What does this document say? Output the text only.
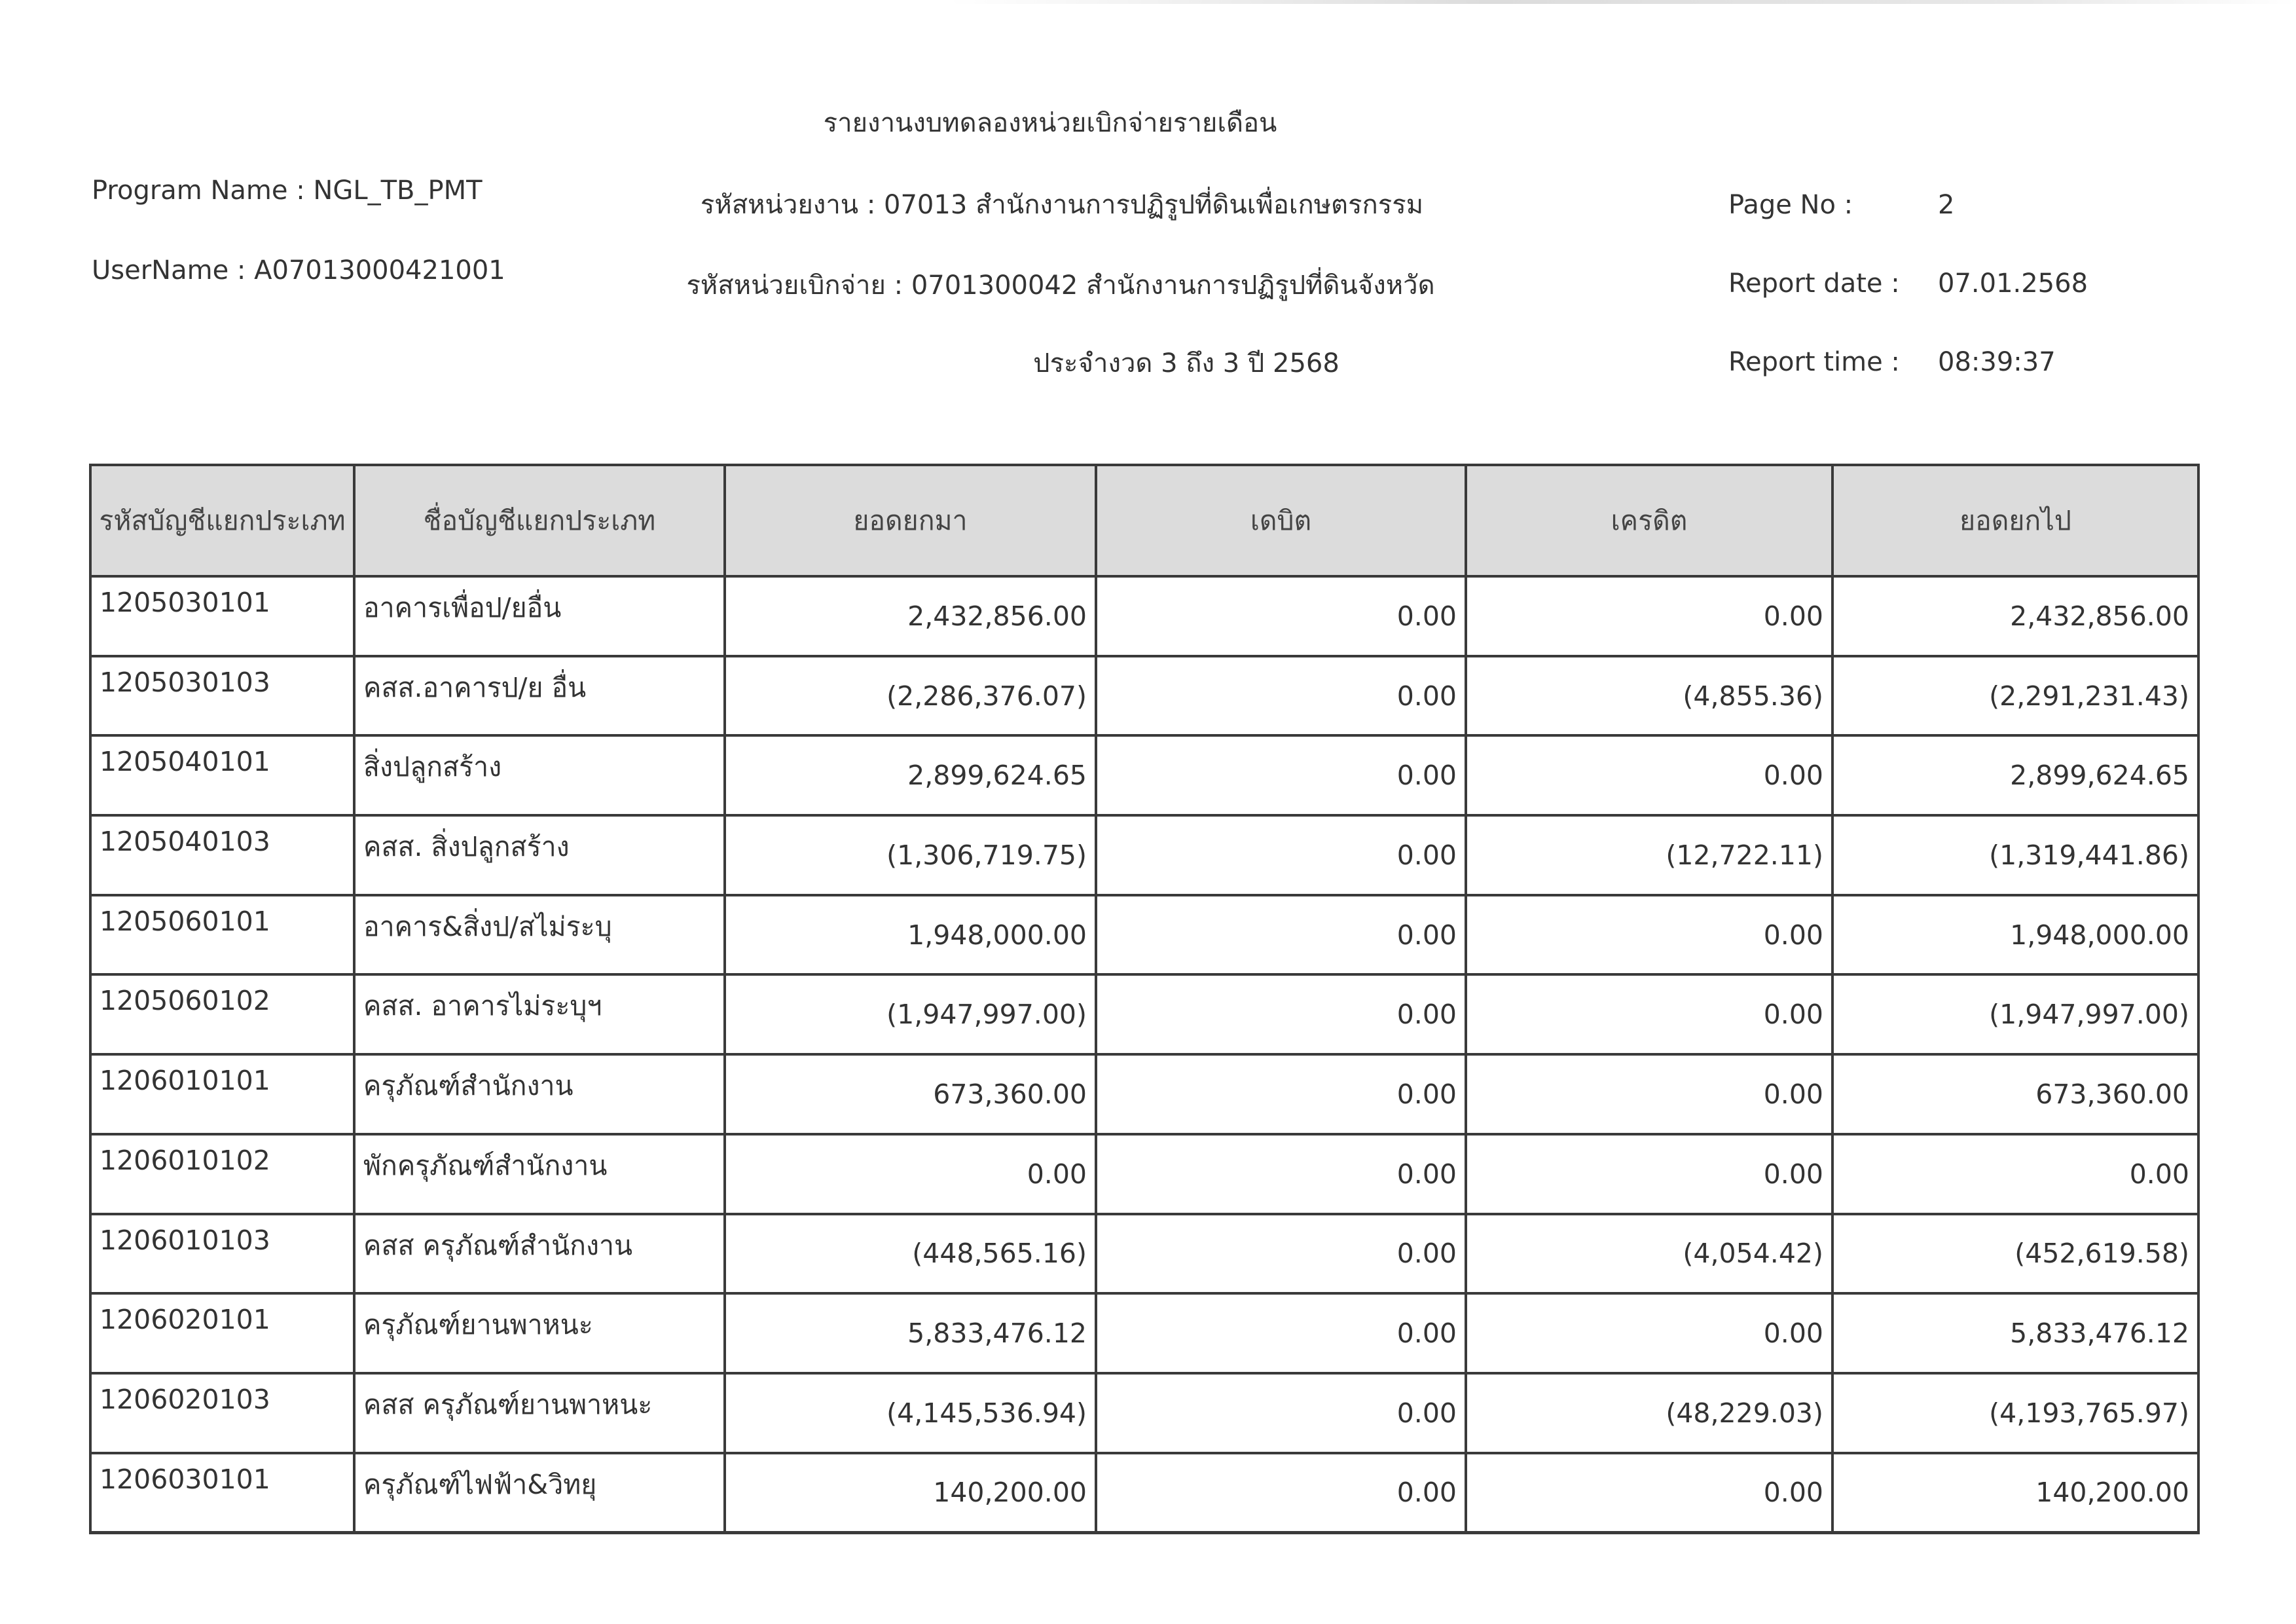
รายงานงบทดลองหน่วยเบิกจ่ายรายเดือน
Program Name : NGL_TB_PMT	รหัสหน่วยงาน : 07013 สำนักงานการปฏิรูปที่ดินเพื่อเกษตรกรรม	Page No :	2
UserName : A07013000421001	รหัสหน่วยเบิกจ่าย : 0701300042 สำนักงานการปฏิรูปที่ดินจังหวัด	Report date : 07.01.2568
ประจำงวด 3 ถึง 3 ปี 2568	Report time : 08:39:37
รหัสบัญชีแยกประเภท	ชื่อบัญชีแยกประเภท	ยอดยกมา	เดบิต	เครดิต	ยอดยกไป
1205030101	อาคารเพื่อป/ยอื่น	2,432,856.00	0.00	0.00	2,432,856.00
1205030103	คสส.อาคารป/ย อื่น	(2,286,376.07)	0.00	(4,855.36)	(2,291,231.43)
1205040101	สิ่งปลูกสร้าง	2,899,624.65	0.00	0.00	2,899,624.65
1205040103	คสส. สิ่งปลูกสร้าง	(1,306,719.75)	0.00	(12,722.11)	(1,319,441.86)
1205060101	อาคาร&สิ่งป/สไม่ระบุ	1,948,000.00	0.00	0.00	1,948,000.00
1205060102	คสส. อาคารไม่ระบุฯ	(1,947,997.00)	0.00	0.00	(1,947,997.00)
1206010101	ครุภัณฑ์สำนักงาน	673,360.00	0.00	0.00	673,360.00
1206010102	พักครุภัณฑ์สำนักงาน	0.00	0.00	0.00	0.00
1206010103	คสส ครุภัณฑ์สำนักงาน	(448,565.16)	0.00	(4,054.42)	(452,619.58)
1206020101	ครุภัณฑ์ยานพาหนะ	5,833,476.12	0.00	0.00	5,833,476.12
1206020103	คสส ครุภัณฑ์ยานพาหนะ	(4,145,536.94)	0.00	(48,229.03)	(4,193,765.97)
1206030101	ครุภัณฑ์ไฟฟ้า&วิทยุ	140,200.00	0.00	0.00	140,200.00
